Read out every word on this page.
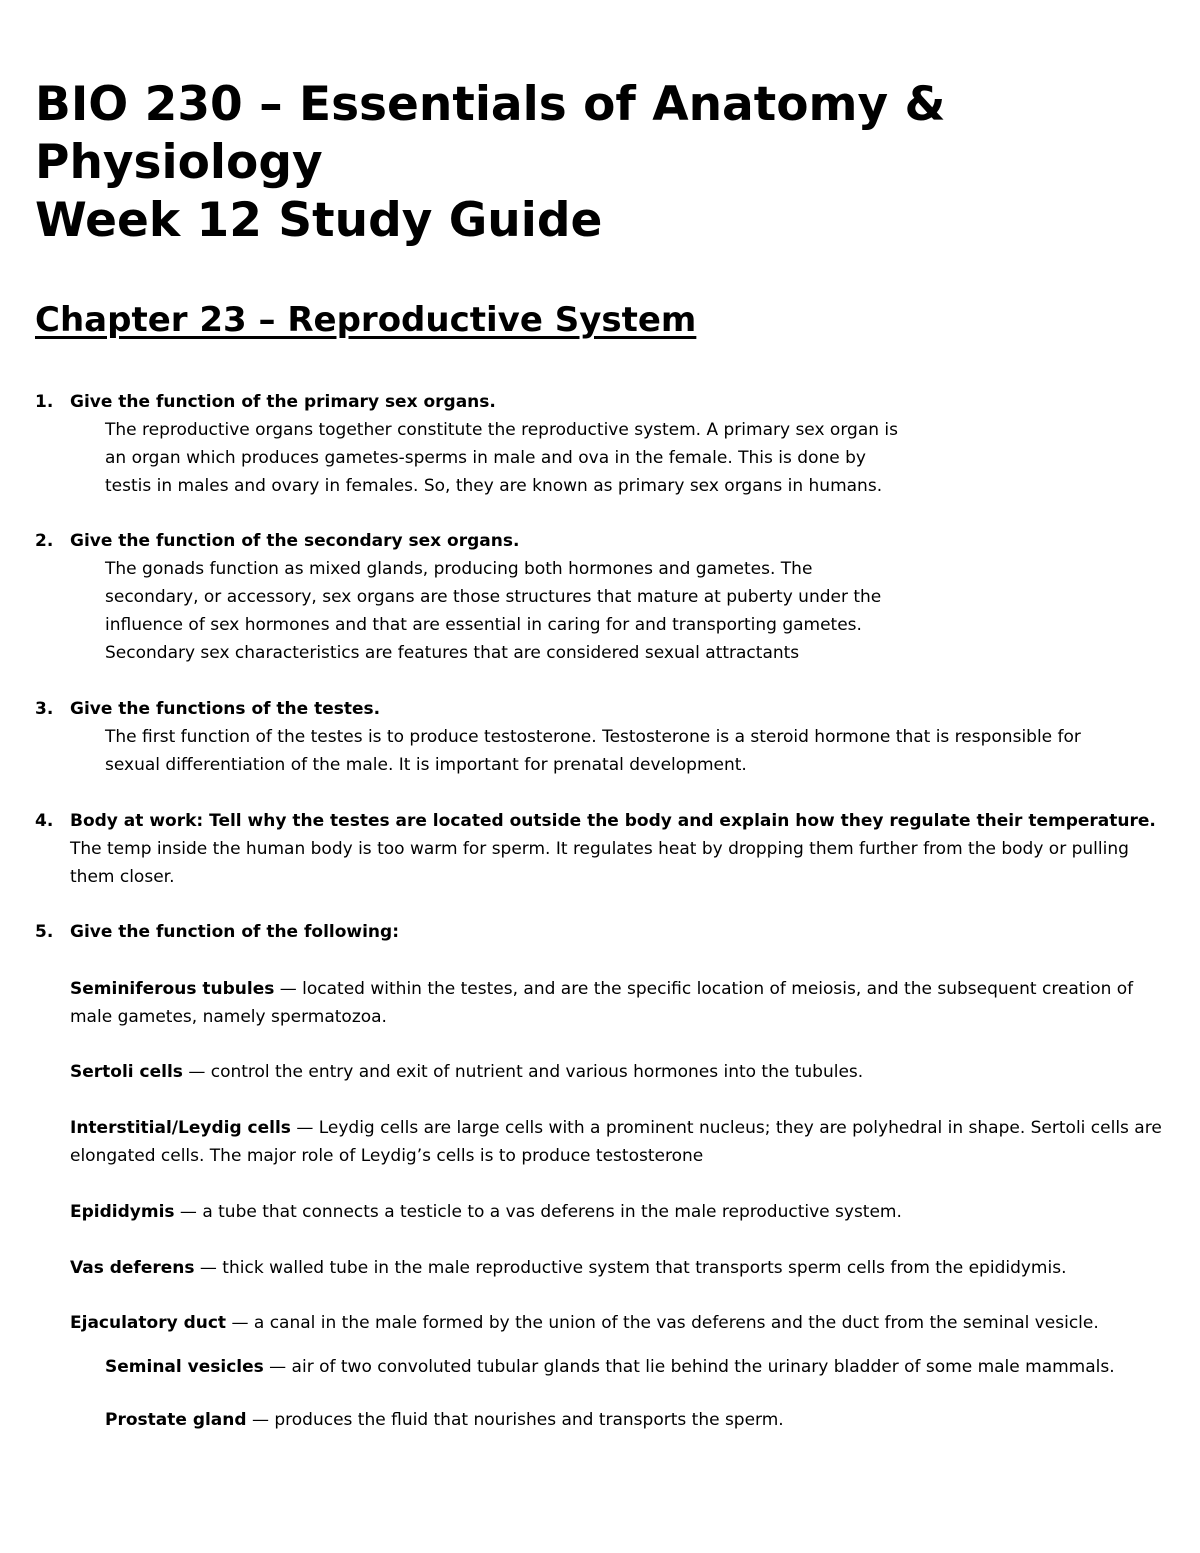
BIO 230 – Essentials of Anatomy &
Physiology
Week 12 Study Guide
Chapter 23 – Reproductive System
1. Give the function of the primary sex organs.
The reproductive organs together constitute the reproductive system. A primary sex organ is
an organ which produces gametes-sperms in male and ova in the female. This is done by
testis in males and ovary in females. So, they are known as primary sex organs in humans.
2. Give the function of the secondary sex organs.
The gonads function as mixed glands, producing both hormones and gametes. The
secondary, or accessory, sex organs are those structures that mature at puberty under the
influence of sex hormones and that are essential in caring for and transporting gametes.
Secondary sex characteristics are features that are considered sexual attractants
3. Give the functions of the testes.
The first function of the testes is to produce testosterone. Testosterone is a steroid hormone that is responsible for
sexual differentiation of the male. It is important for prenatal development.
4. Body at work: Tell why the testes are located outside the body and explain how they regulate their temperature.
The temp inside the human body is too warm for sperm. It regulates heat by dropping them further from the body or pulling them closer.
5. Give the function of the following:
Seminiferous tubules — located within the testes, and are the specific location of meiosis, and the subsequent creation of male gametes, namely spermatozoa.
Sertoli cells — control the entry and exit of nutrient and various hormones into the tubules.
Interstitial/Leydig cells — Leydig cells are large cells with a prominent nucleus; they are polyhedral in shape. Sertoli cells are elongated cells. The major role of Leydig’s cells is to produce testosterone
Epididymis — a tube that connects a testicle to a vas deferens in the male reproductive system.
Vas deferens — thick walled tube in the male reproductive system that transports sperm cells from the epididymis.
Ejaculatory duct — a canal in the male formed by the union of the vas deferens and the duct from the seminal vesicle.
Seminal vesicles — air of two convoluted tubular glands that lie behind the urinary bladder of some male mammals.
Prostate gland — produces the fluid that nourishes and transports the sperm.
